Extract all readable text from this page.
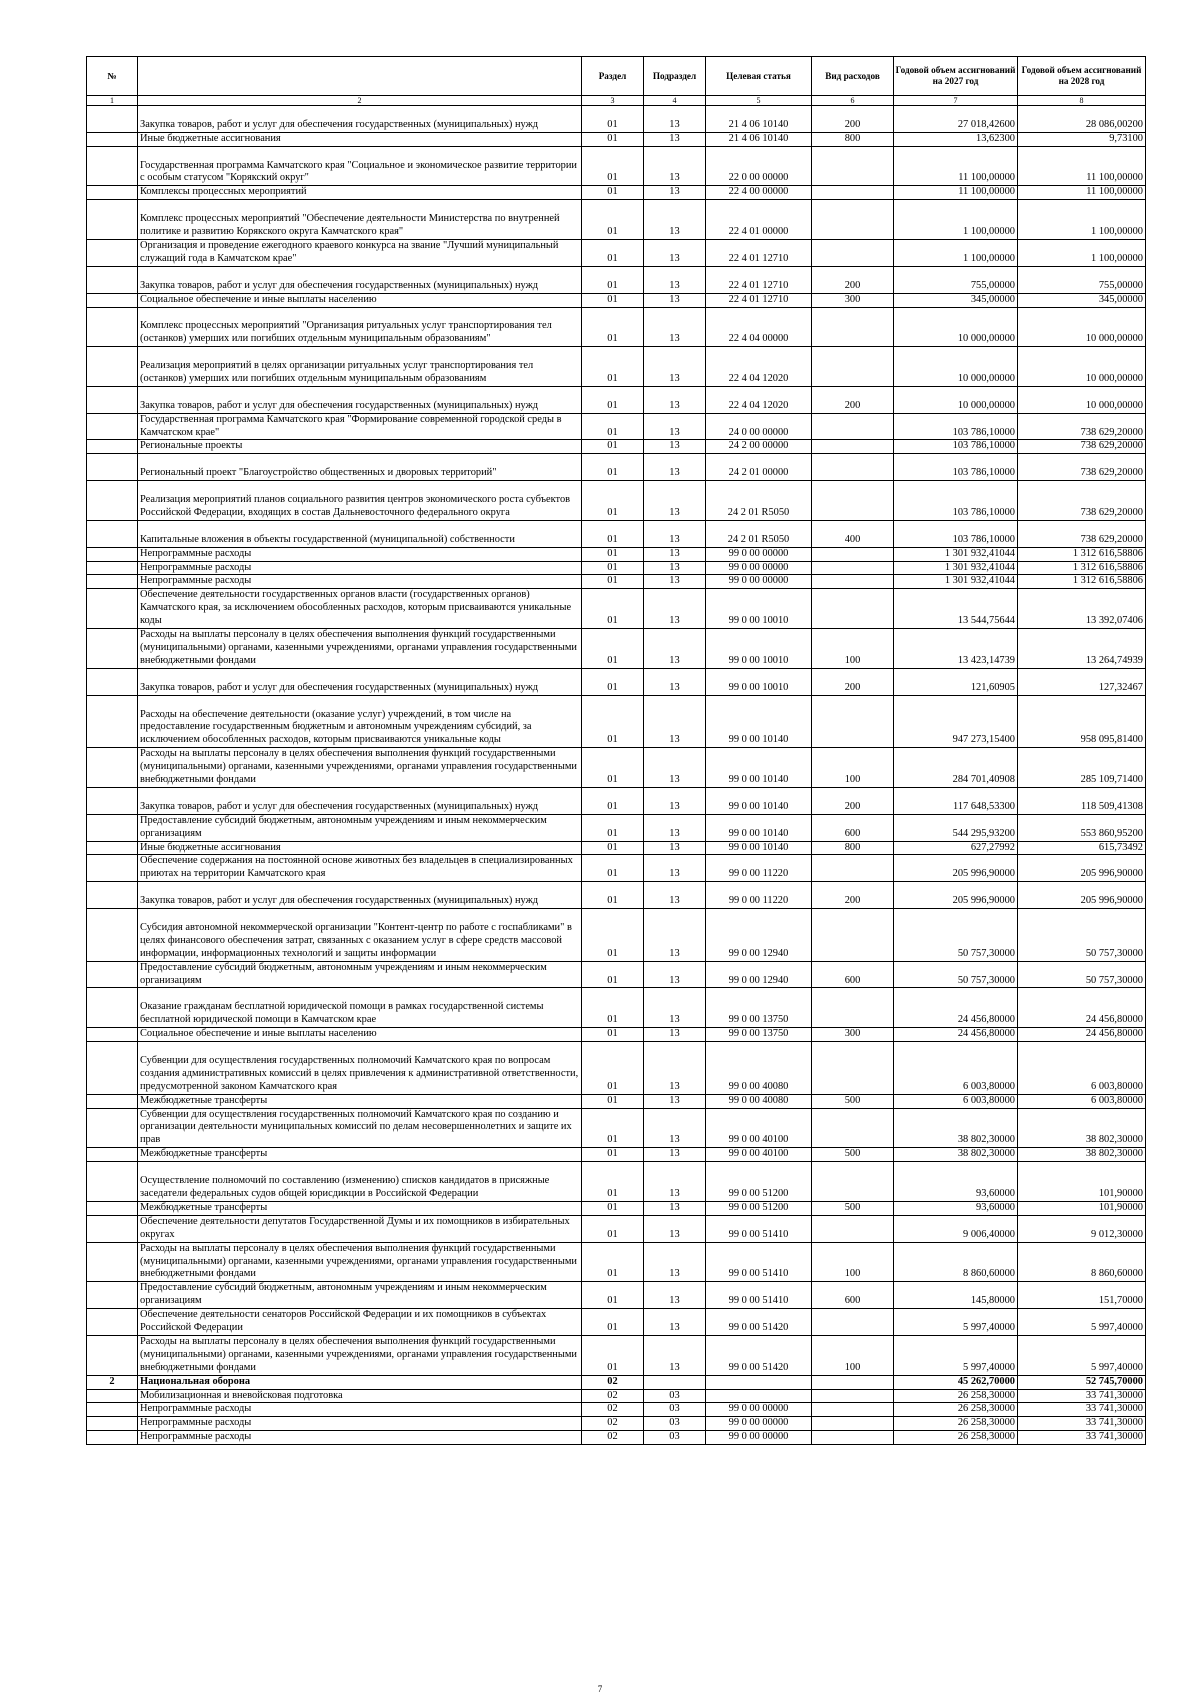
№		Раздел	Подраздел	Целевая статья	Вид расходов	Годовой объем ассигнований на 2027 год	Годовой объем ассигнований на 2028 год
1	2	3	4	5	6	7	8
	Закупка товаров, работ и услуг для обеспечения государственных (муниципальных) нужд	01	13	21 4 06 10140	200	27 018,42600	28 086,00200
	Иные бюджетные ассигнования	01	13	21 4 06 10140	800	13,62300	9,73100
	Государственная программа Камчатского края "Социальное и экономическое развитие территории с особым статусом "Корякский округ"	01	13	22 0 00 00000		11 100,00000	11 100,00000
	Комплексы процессных мероприятий	01	13	22 4 00 00000		11 100,00000	11 100,00000
	Комплекс процессных мероприятий "Обеспечение деятельности Министерства по внутренней политике и развитию Корякского округа Камчатского края"	01	13	22 4 01 00000		1 100,00000	1 100,00000
	Организация и проведение ежегодного краевого конкурса на звание "Лучший муниципальный служащий года в Камчатском крае"	01	13	22 4 01 12710		1 100,00000	1 100,00000
	Закупка товаров, работ и услуг для обеспечения государственных (муниципальных) нужд	01	13	22 4 01 12710	200	755,00000	755,00000
	Социальное обеспечение и иные выплаты населению	01	13	22 4 01 12710	300	345,00000	345,00000
	Комплекс процессных мероприятий "Организация ритуальных услуг транспортирования тел (останков) умерших или погибших отдельным муниципальным образованиям"	01	13	22 4 04 00000		10 000,00000	10 000,00000
	Реализация мероприятий в целях организации ритуальных услуг транспортирования тел (останков) умерших или погибших отдельным муниципальным образованиям	01	13	22 4 04 12020		10 000,00000	10 000,00000
	Закупка товаров, работ и услуг для обеспечения государственных (муниципальных) нужд	01	13	22 4 04 12020	200	10 000,00000	10 000,00000
	Государственная программа Камчатского края "Формирование современной городской среды в Камчатском крае"	01	13	24 0 00 00000		103 786,10000	738 629,20000
	Региональные проекты	01	13	24 2 00 00000		103 786,10000	738 629,20000
	Региональный проект "Благоустройство общественных и дворовых территорий"	01	13	24 2 01 00000		103 786,10000	738 629,20000
	Реализация мероприятий планов социального развития центров экономического роста субъектов Российской Федерации, входящих в состав Дальневосточного федерального округа	01	13	24 2 01 R5050		103 786,10000	738 629,20000
	Капитальные вложения в объекты государственной (муниципальной) собственности	01	13	24 2 01 R5050	400	103 786,10000	738 629,20000
	Непрограммные расходы	01	13	99 0 00 00000		1 301 932,41044	1 312 616,58806
	Непрограммные расходы	01	13	99 0 00 00000		1 301 932,41044	1 312 616,58806
	Непрограммные расходы	01	13	99 0 00 00000		1 301 932,41044	1 312 616,58806
	Обеспечение деятельности государственных органов власти (государственных органов) Камчатского края, за исключением обособленных расходов, которым присваиваются уникальные коды	01	13	99 0 00 10010		13 544,75644	13 392,07406
	Расходы на выплаты персоналу в целях обеспечения выполнения функций государственными (муниципальными) органами, казенными учреждениями, органами управления государственными внебюджетными фондами	01	13	99 0 00 10010	100	13 423,14739	13 264,74939
	Закупка товаров, работ и услуг для обеспечения государственных (муниципальных) нужд	01	13	99 0 00 10010	200	121,60905	127,32467
	Расходы на обеспечение деятельности (оказание услуг) учреждений, в том числе на предоставление государственным бюджетным и автономным учреждениям субсидий, за исключением обособленных расходов, которым присваиваются уникальные коды	01	13	99 0 00 10140		947 273,15400	958 095,81400
	Расходы на выплаты персоналу в целях обеспечения выполнения функций государственными (муниципальными) органами, казенными учреждениями, органами управления государственными внебюджетными фондами	01	13	99 0 00 10140	100	284 701,40908	285 109,71400
	Закупка товаров, работ и услуг для обеспечения государственных (муниципальных) нужд	01	13	99 0 00 10140	200	117 648,53300	118 509,41308
	Предоставление субсидий бюджетным, автономным учреждениям и иным некоммерческим организациям	01	13	99 0 00 10140	600	544 295,93200	553 860,95200
	Иные бюджетные ассигнования	01	13	99 0 00 10140	800	627,27992	615,73492
	Обеспечение содержания на постоянной основе животных без владельцев в специализированных приютах на территории Камчатского края	01	13	99 0 00 11220		205 996,90000	205 996,90000
	Закупка товаров, работ и услуг для обеспечения государственных (муниципальных) нужд	01	13	99 0 00 11220	200	205 996,90000	205 996,90000
	Субсидия автономной некоммерческой организации "Контент-центр по работе с госпабликами" в целях финансового обеспечения затрат, связанных с оказанием услуг в сфере средств массовой информации, информационных технологий и защиты информации	01	13	99 0 00 12940		50 757,30000	50 757,30000
	Предоставление субсидий бюджетным, автономным учреждениям и иным некоммерческим организациям	01	13	99 0 00 12940	600	50 757,30000	50 757,30000
	Оказание гражданам бесплатной юридической помощи в рамках государственной системы бесплатной юридической помощи в Камчатском крае	01	13	99 0 00 13750		24 456,80000	24 456,80000
	Социальное обеспечение и иные выплаты населению	01	13	99 0 00 13750	300	24 456,80000	24 456,80000
	Субвенции для осуществления государственных полномочий Камчатского края по вопросам создания административных комиссий в целях привлечения к административной ответственности, предусмотренной законом Камчатского края	01	13	99 0 00 40080		6 003,80000	6 003,80000
	Межбюджетные трансферты	01	13	99 0 00 40080	500	6 003,80000	6 003,80000
	Субвенции для осуществления государственных полномочий Камчатского края по созданию и организации деятельности муниципальных комиссий по делам несовершеннолетних и защите их прав	01	13	99 0 00 40100		38 802,30000	38 802,30000
	Межбюджетные трансферты	01	13	99 0 00 40100	500	38 802,30000	38 802,30000
	Осуществление полномочий по составлению (изменению) списков кандидатов в присяжные заседатели федеральных судов общей юрисдикции в Российской Федерации	01	13	99 0 00 51200		93,60000	101,90000
	Межбюджетные трансферты	01	13	99 0 00 51200	500	93,60000	101,90000
	Обеспечение деятельности депутатов Государственной Думы и их помощников в избирательных округах	01	13	99 0 00 51410		9 006,40000	9 012,30000
	Расходы на выплаты персоналу в целях обеспечения выполнения функций государственными (муниципальными) органами, казенными учреждениями, органами управления государственными внебюджетными фондами	01	13	99 0 00 51410	100	8 860,60000	8 860,60000
	Предоставление субсидий бюджетным, автономным учреждениям и иным некоммерческим организациям	01	13	99 0 00 51410	600	145,80000	151,70000
	Обеспечение деятельности сенаторов Российской Федерации и их помощников в субъектах Российской Федерации	01	13	99 0 00 51420		5 997,40000	5 997,40000
	Расходы на выплаты персоналу в целях обеспечения выполнения функций государственными (муниципальными) органами, казенными учреждениями, органами управления государственными внебюджетными фондами	01	13	99 0 00 51420	100	5 997,40000	5 997,40000
2	Национальная оборона	02				45 262,70000	52 745,70000
	Мобилизационная и вневойсковая подготовка	02	03			26 258,30000	33 741,30000
	Непрограммные расходы	02	03	99 0 00 00000		26 258,30000	33 741,30000
	Непрограммные расходы	02	03	99 0 00 00000		26 258,30000	33 741,30000
	Непрограммные расходы	02	03	99 0 00 00000		26 258,30000	33 741,30000
7
